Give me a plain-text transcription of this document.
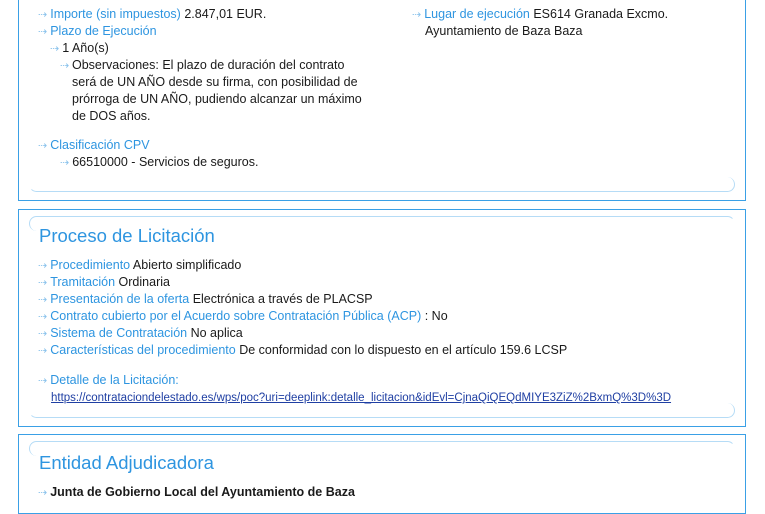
⇢ Importe (sin impuestos) 2.847,01 EUR.
⇢ Plazo de Ejecución
⇢ 1 Año(s)
⇢ Observaciones: El plazo de duración del contrato será de UN AÑO desde su firma, con posibilidad de prórroga de UN AÑO, pudiendo alcanzar un máximo de DOS años.
⇢ Clasificación CPV
⇢ 66510000 - Servicios de seguros.
⇢ Lugar de ejecución ES614 Granada Excmo.
Ayuntamiento de Baza Baza
Proceso de Licitación
⇢ Procedimiento Abierto simplificado
⇢ Tramitación Ordinaria
⇢ Presentación de la oferta Electrónica a través de PLACSP
⇢ Contrato cubierto por el Acuerdo sobre Contratación Pública (ACP) : No
⇢ Sistema de Contratación No aplica
⇢ Características del procedimiento De conformidad con lo dispuesto en el artículo 159.6 LCSP
⇢ Detalle de la Licitación:
https://contrataciondelestado.es/wps/poc?uri=deeplink:detalle_licitacion&idEvl=CjnaQiQEQdMIYE3ZiZ%2BxmQ%3D%3D
Entidad Adjudicadora
⇢ Junta de Gobierno Local del Ayuntamiento de Baza
